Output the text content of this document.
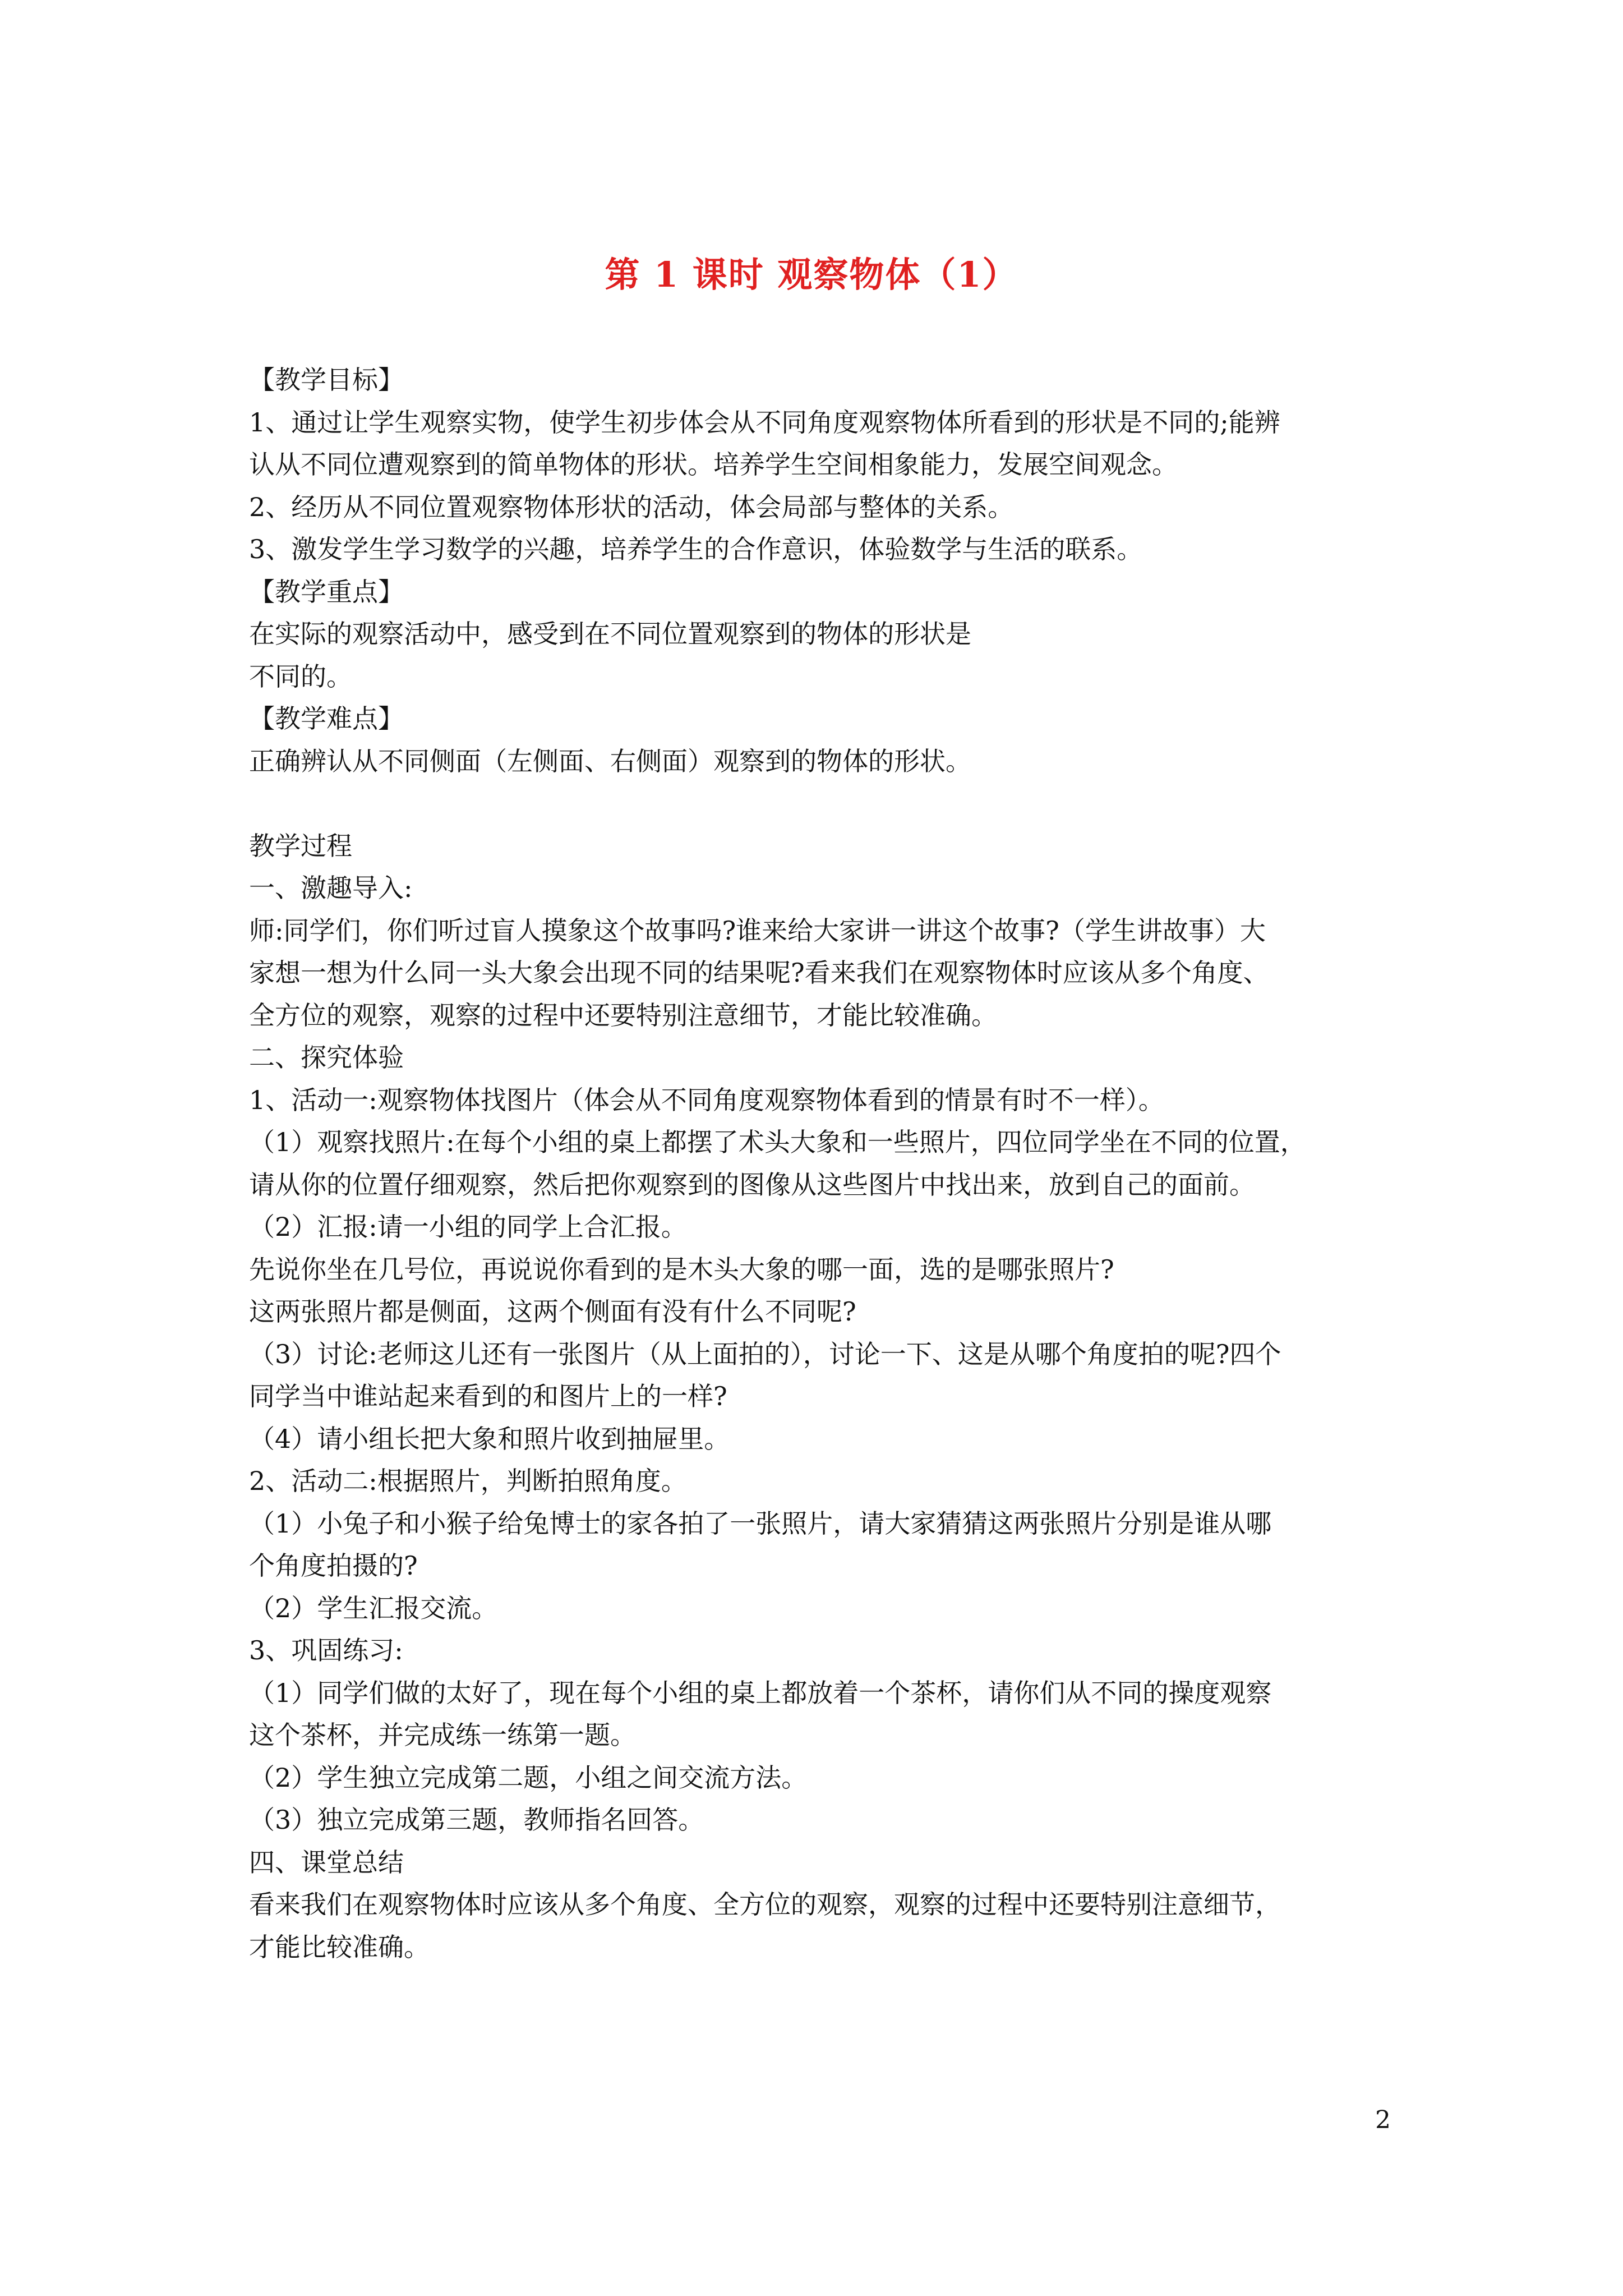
第 1 课时 观察物体（1）
【教学目标】
1、通过让学生观察实物，使学生初步体会从不同角度观察物体所看到的形状是不同的;能辨
认从不同位遭观察到的简单物体的形状。培养学生空间相象能力，发展空间观念。
2、经历从不同位置观察物体形状的活动，体会局部与整体的关系。
3、激发学生学习数学的兴趣，培养学生的合作意识，体验数学与生活的联系。
【教学重点】
在实际的观察活动中，感受到在不同位置观察到的物体的形状是
不同的。
【教学难点】
正确辨认从不同侧面（左侧面、右侧面）观察到的物体的形状。
教学过程
一、激趣导入:
师:同学们，你们听过盲人摸象这个故事吗?谁来给大家讲一讲这个故事?（学生讲故事）大
家想一想为什么同一头大象会出现不同的结果呢?看来我们在观察物体时应该从多个角度、
全方位的观察，观察的过程中还要特别注意细节，才能比较准确。
二、探究体验
1、活动一:观察物体找图片（体会从不同角度观察物体看到的情景有时不一样）。
（1）观察找照片:在每个小组的桌上都摆了术头大象和一些照片，四位同学坐在不同的位置，
请从你的位置仔细观察，然后把你观察到的图像从这些图片中找出来，放到自己的面前。
（2）汇报:请一小组的同学上合汇报。
先说你坐在几号位，再说说你看到的是木头大象的哪一面，选的是哪张照片?
这两张照片都是侧面，这两个侧面有没有什么不同呢?
（3）讨论:老师这儿还有一张图片（从上面拍的），讨论一下、这是从哪个角度拍的呢?四个
同学当中谁站起来看到的和图片上的一样?
（4）请小组长把大象和照片收到抽屉里。
2、活动二:根据照片，判断拍照角度。
（1）小兔子和小猴子给兔博士的家各拍了一张照片，请大家猜猜这两张照片分别是谁从哪
个角度拍摄的?
（2）学生汇报交流。
3、巩固练习:
（1）同学们做的太好了，现在每个小组的桌上都放着一个茶杯，请你们从不同的操度观察
这个茶杯，并完成练一练第一题。
（2）学生独立完成第二题，小组之间交流方法。
（3）独立完成第三题，教师指名回答。
四、课堂总结
看来我们在观察物体时应该从多个角度、全方位的观察，观察的过程中还要特别注意细节，
才能比较准确。
2
